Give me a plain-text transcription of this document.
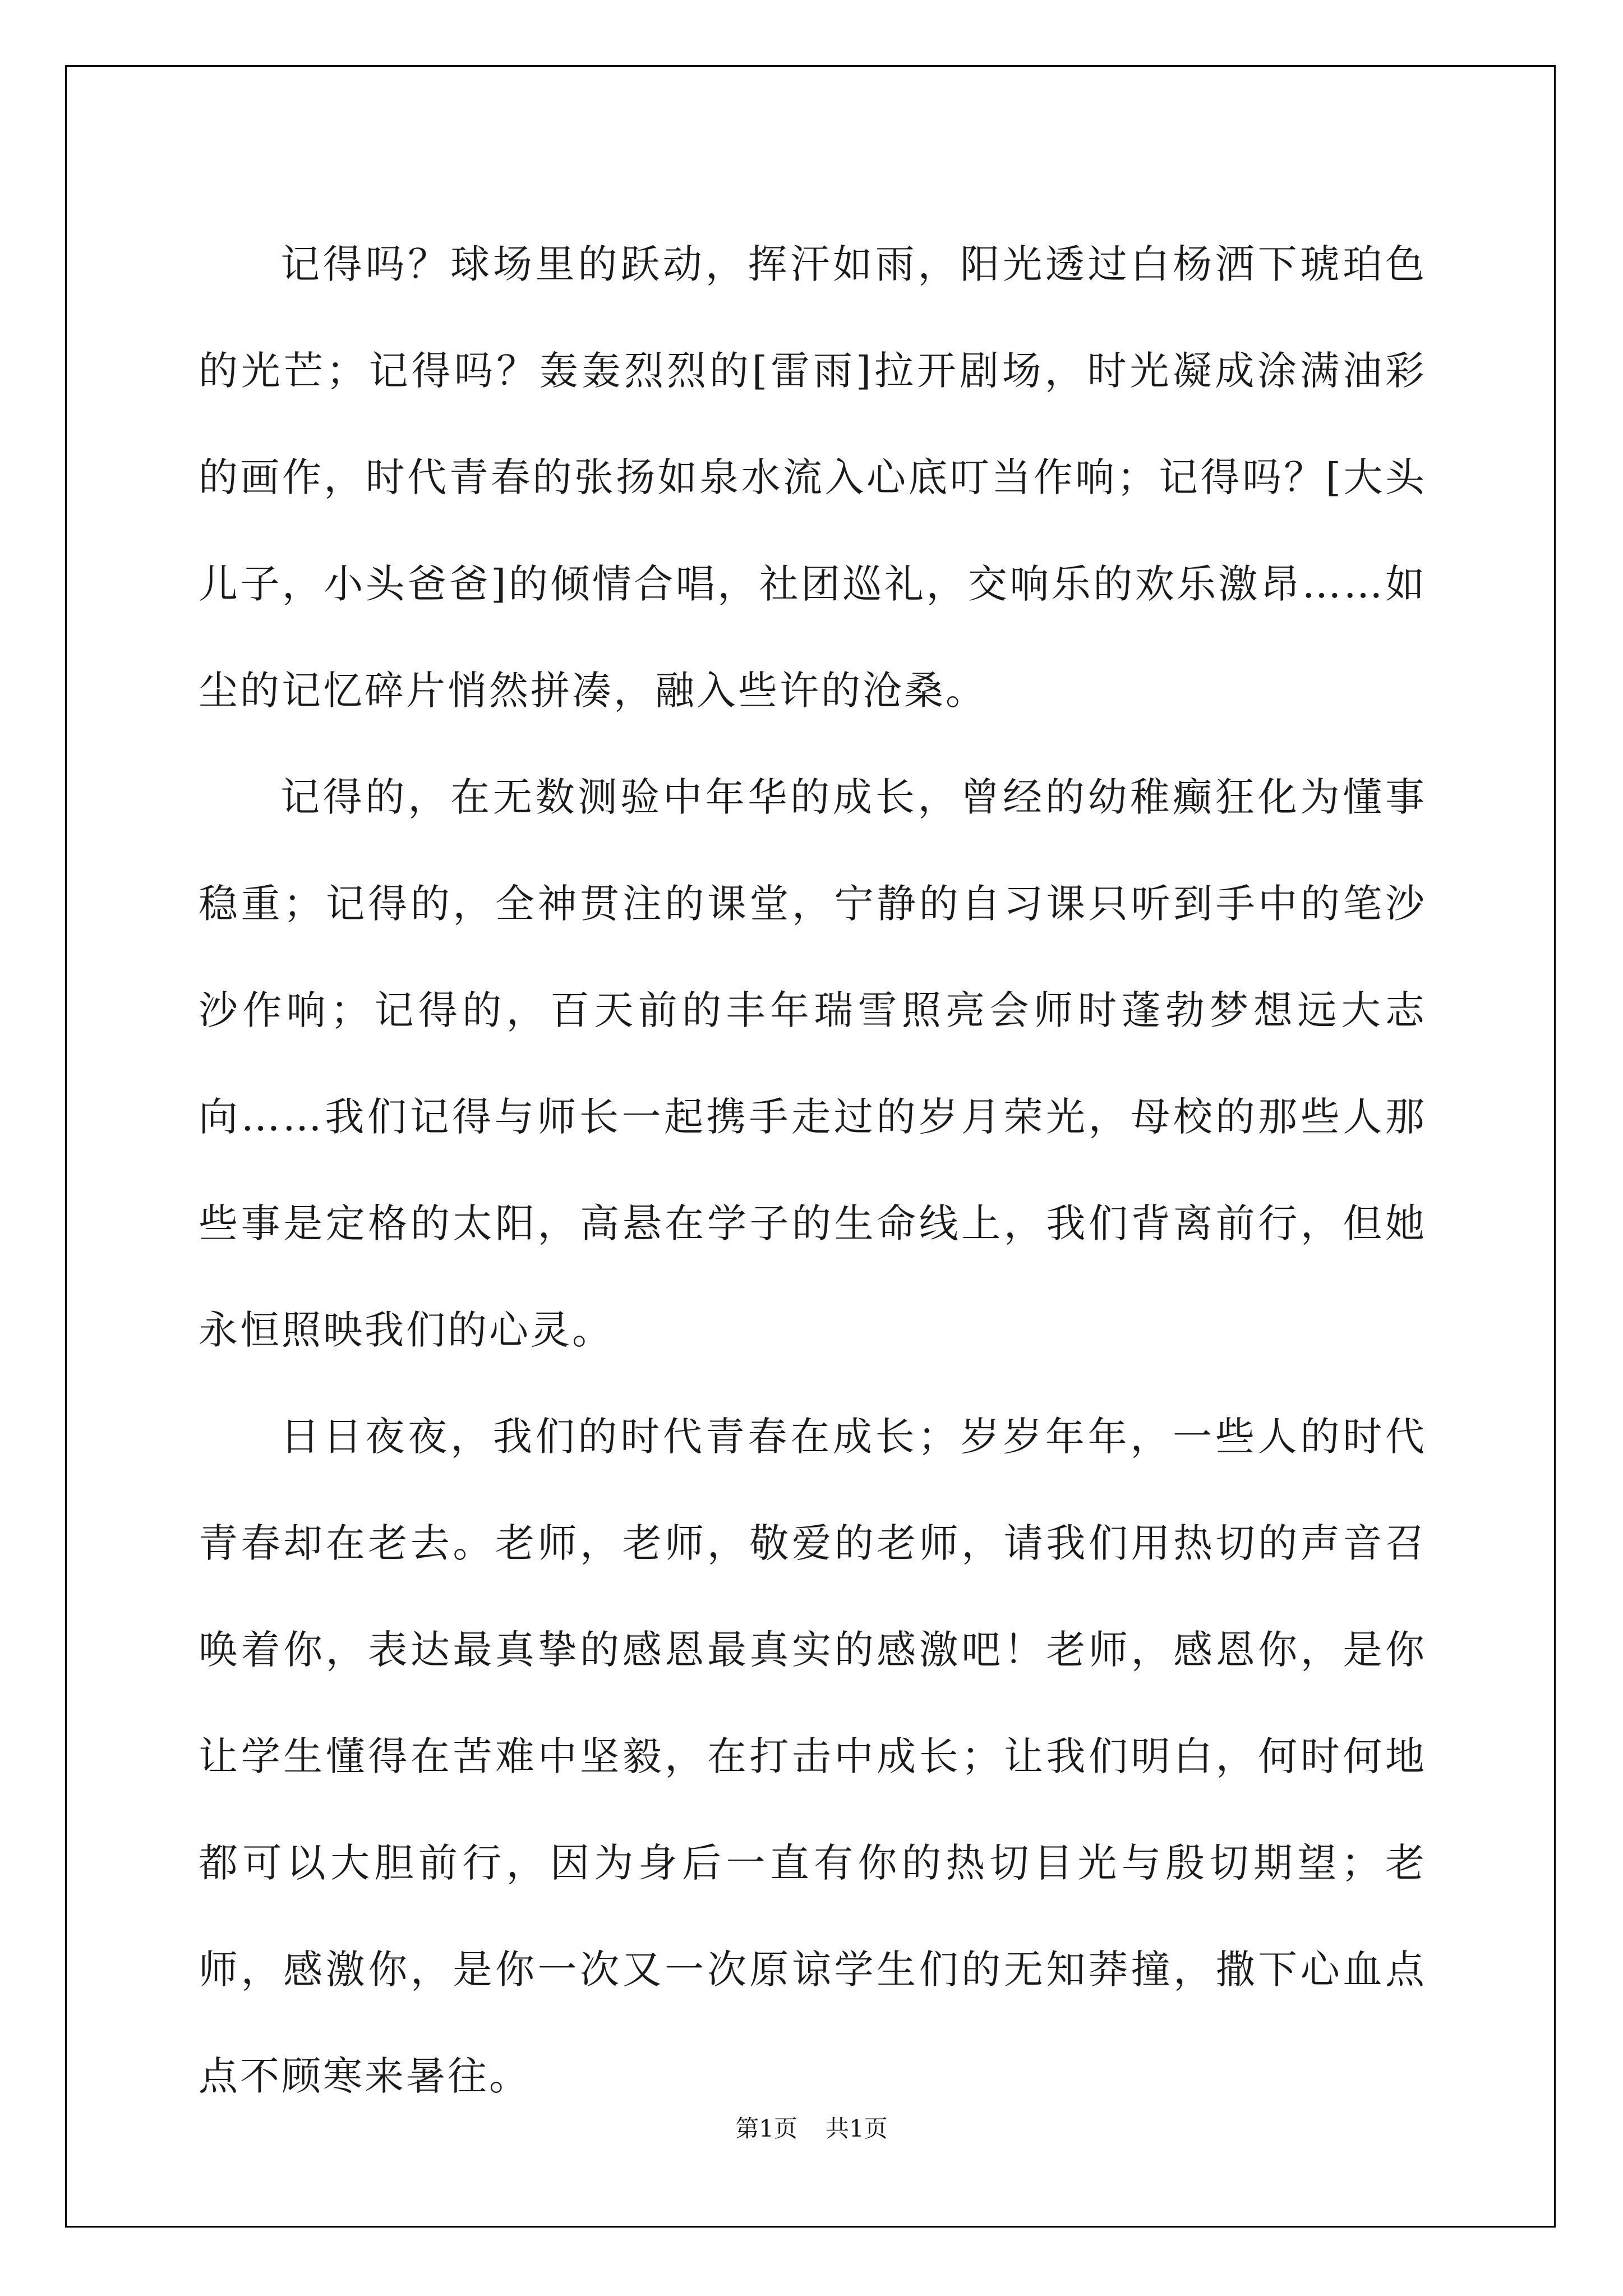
记得吗？球场里的跃动，挥汗如雨，阳光透过白杨洒下琥珀色的光芒；记得吗？轰轰烈烈的[雷雨]拉开剧场，时光凝成涂满油彩的画作，时代青春的张扬如泉水流入心底叮当作响；记得吗？[大头儿子，小头爸爸]的倾情合唱，社团巡礼，交响乐的欢乐激昂……如尘的记忆碎片悄然拼凑，融入些许的沧桑。

记得的，在无数测验中年华的成长，曾经的幼稚癫狂化为懂事稳重；记得的，全神贯注的课堂，宁静的自习课只听到手中的笔沙沙作响；记得的，百天前的丰年瑞雪照亮会师时蓬勃梦想远大志向……我们记得与师长一起携手走过的岁月荣光，母校的那些人那些事是定格的太阳，高悬在学子的生命线上，我们背离前行，但她永恒照映我们的心灵。

日日夜夜，我们的时代青春在成长；岁岁年年，一些人的时代青春却在老去。老师，老师，敬爱的老师，请我们用热切的声音召唤着你，表达最真挚的感恩最真实的感激吧！老师，感恩你，是你让学生懂得在苦难中坚毅，在打击中成长；让我们明白，何时何地都可以大胆前行，因为身后一直有你的热切目光与殷切期望；老师，感激你，是你一次又一次原谅学生们的无知莽撞，撒下心血点点不顾寒来暑往。

第1页 共1页
